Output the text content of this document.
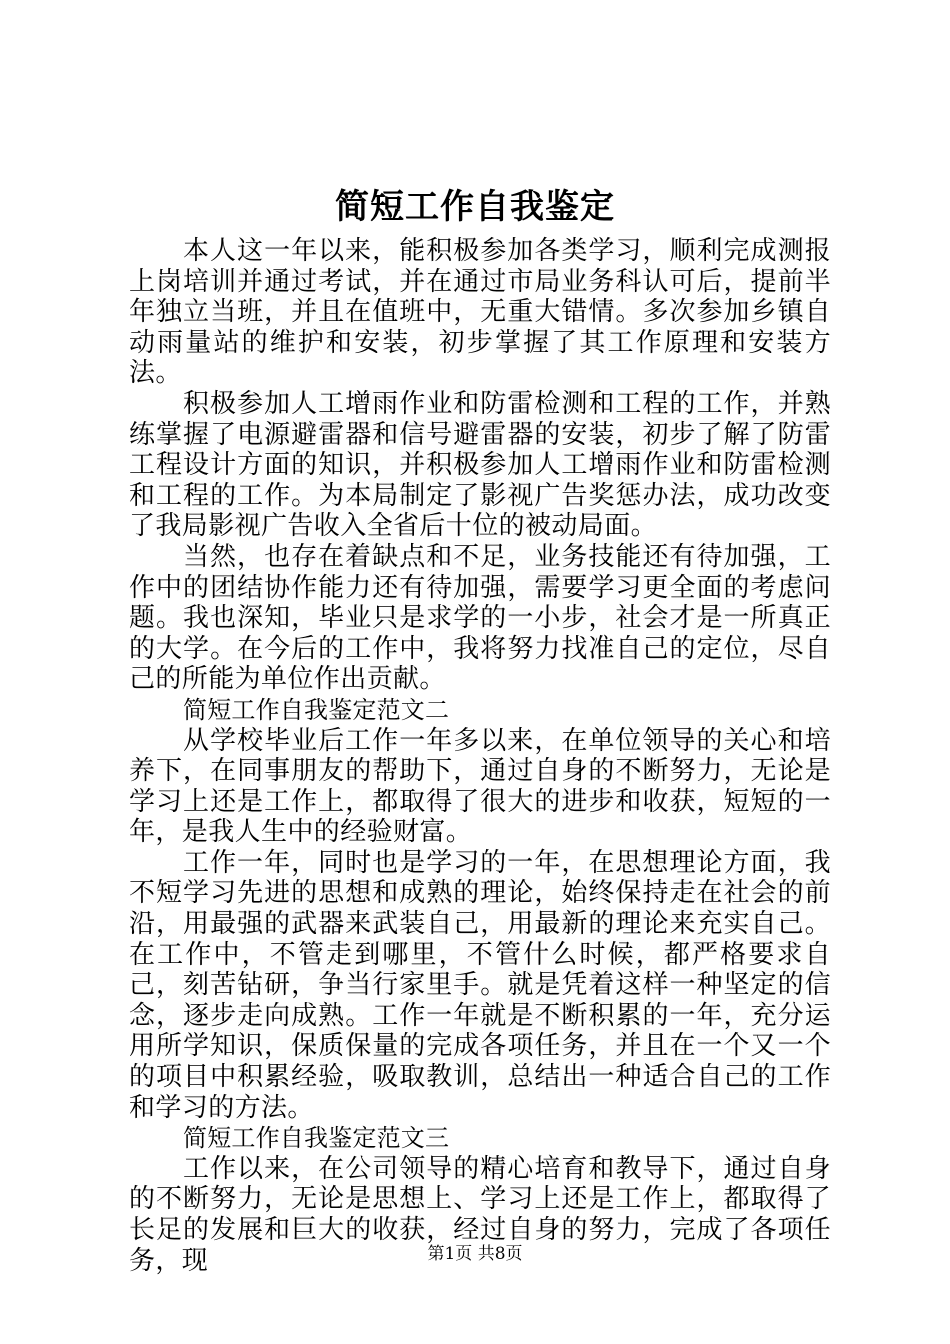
简短工作自我鉴定

本人这一年以来，能积极参加各类学习，顺利完成测报上岗培训并通过考试，并在通过市局业务科认可后，提前半年独立当班，并且在值班中，无重大错情。多次参加乡镇自动雨量站的维护和安装，初步掌握了其工作原理和安装方法。

积极参加人工增雨作业和防雷检测和工程的工作，并熟练掌握了电源避雷器和信号避雷器的安装，初步了解了防雷工程设计方面的知识，并积极参加人工增雨作业和防雷检测和工程的工作。为本局制定了影视广告奖惩办法，成功改变了我局影视广告收入全省后十位的被动局面。

当然，也存在着缺点和不足，业务技能还有待加强，工作中的团结协作能力还有待加强，需要学习更全面的考虑问题。我也深知，毕业只是求学的一小步，社会才是一所真正的大学。在今后的工作中，我将努力找准自己的定位，尽自己的所能为单位作出贡献。

简短工作自我鉴定范文二

从学校毕业后工作一年多以来，在单位领导的关心和培养下，在同事朋友的帮助下，通过自身的不断努力，无论是学习上还是工作上，都取得了很大的进步和收获，短短的一年，是我人生中的经验财富。

工作一年，同时也是学习的一年，在思想理论方面，我不短学习先进的思想和成熟的理论，始终保持走在社会的前沿，用最强的武器来武装自己，用最新的理论来充实自己。在工作中，不管走到哪里，不管什么时候，都严格要求自己，刻苦钻研，争当行家里手。就是凭着这样一种坚定的信念，逐步走向成熟。工作一年就是不断积累的一年，充分运用所学知识，保质保量的完成各项任务，并且在一个又一个的项目中积累经验，吸取教训，总结出一种适合自己的工作和学习的方法。

简短工作自我鉴定范文三

工作以来，在公司领导的精心培育和教导下，通过自身的不断努力，无论是思想上、学习上还是工作上，都取得了长足的发展和巨大的收获，经过自身的努力，完成了各项任务，现	第1页 共8页
